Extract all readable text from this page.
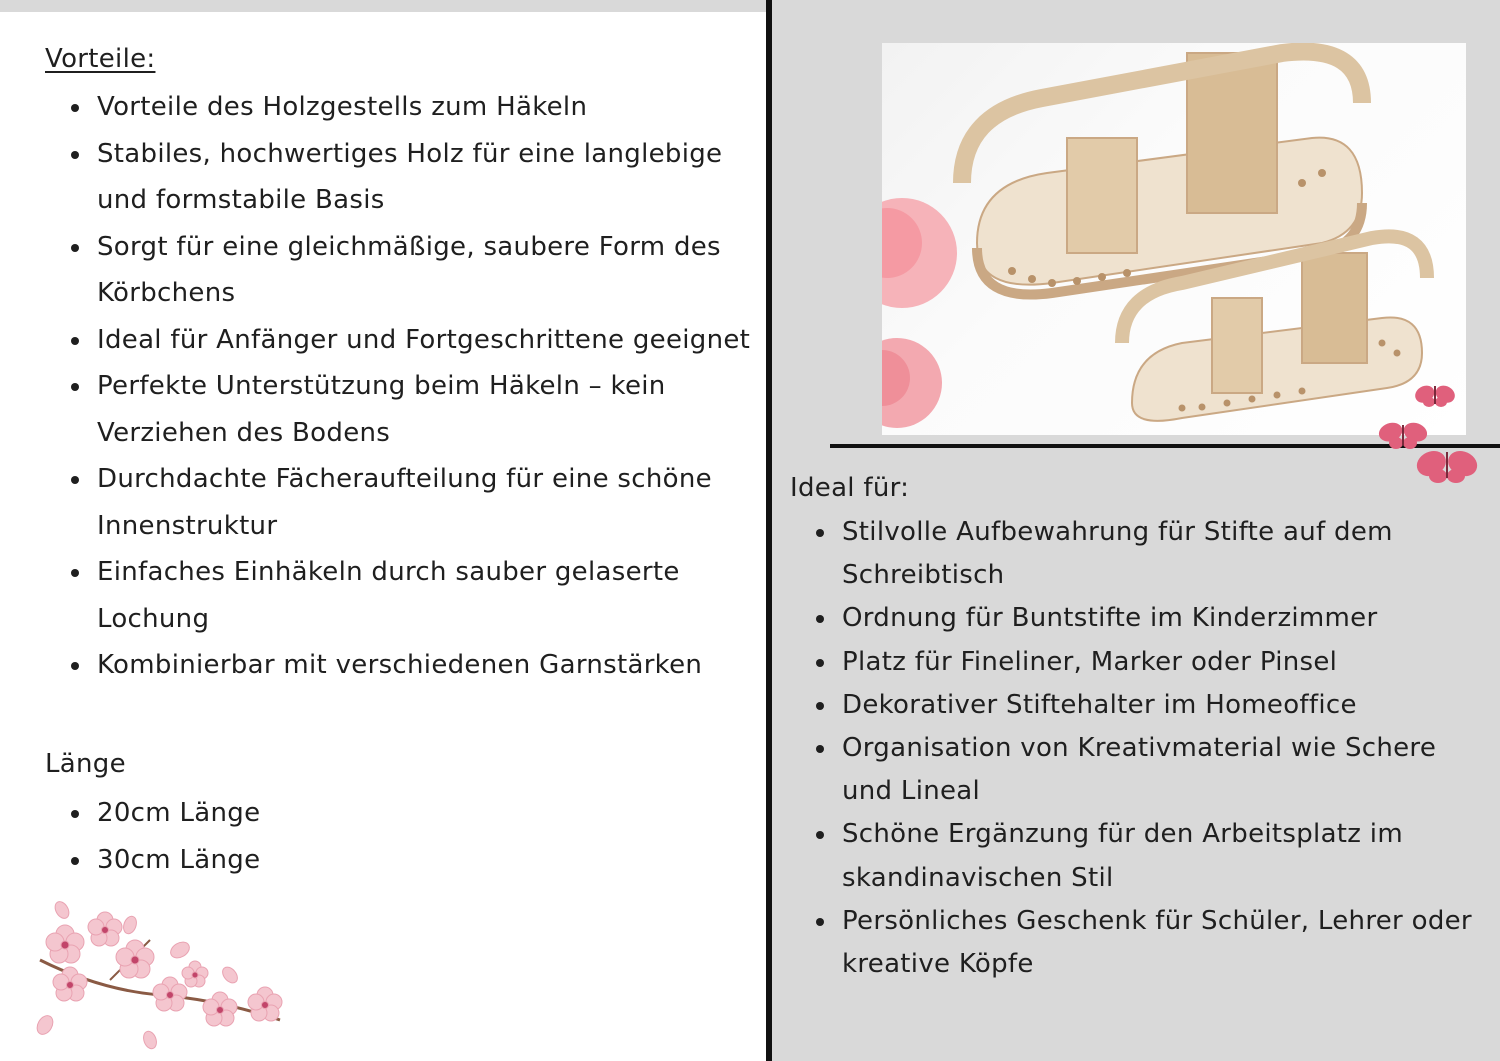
Vorteile:
Vorteile des Holzgestells zum Häkeln
Stabiles, hochwertiges Holz für eine langlebige und formstabile Basis
Sorgt für eine gleichmäßige, saubere Form des Körbchens
Ideal für Anfänger und Fortgeschrittene geeignet
Perfekte Unterstützung beim Häkeln – kein Verziehen des Bodens
Durchdachte Fächeraufteilung für eine schöne Innenstruktur
Einfaches Einhäkeln durch sauber gelaserte Lochung
Kombinierbar mit verschiedenen Garnstärken
Länge
20cm Länge
30cm Länge
Ideal für:
Stilvolle Aufbewahrung für Stifte auf dem Schreibtisch
Ordnung für Buntstifte im Kinderzimmer
Platz für Fineliner, Marker oder Pinsel
Dekorativer Stiftehalter im Homeoffice
Organisation von Kreativmaterial wie Schere und Lineal
Schöne Ergänzung für den Arbeitsplatz im skandinavischen Stil
Persönliches Geschenk für Schüler, Lehrer oder kreative Köpfe
